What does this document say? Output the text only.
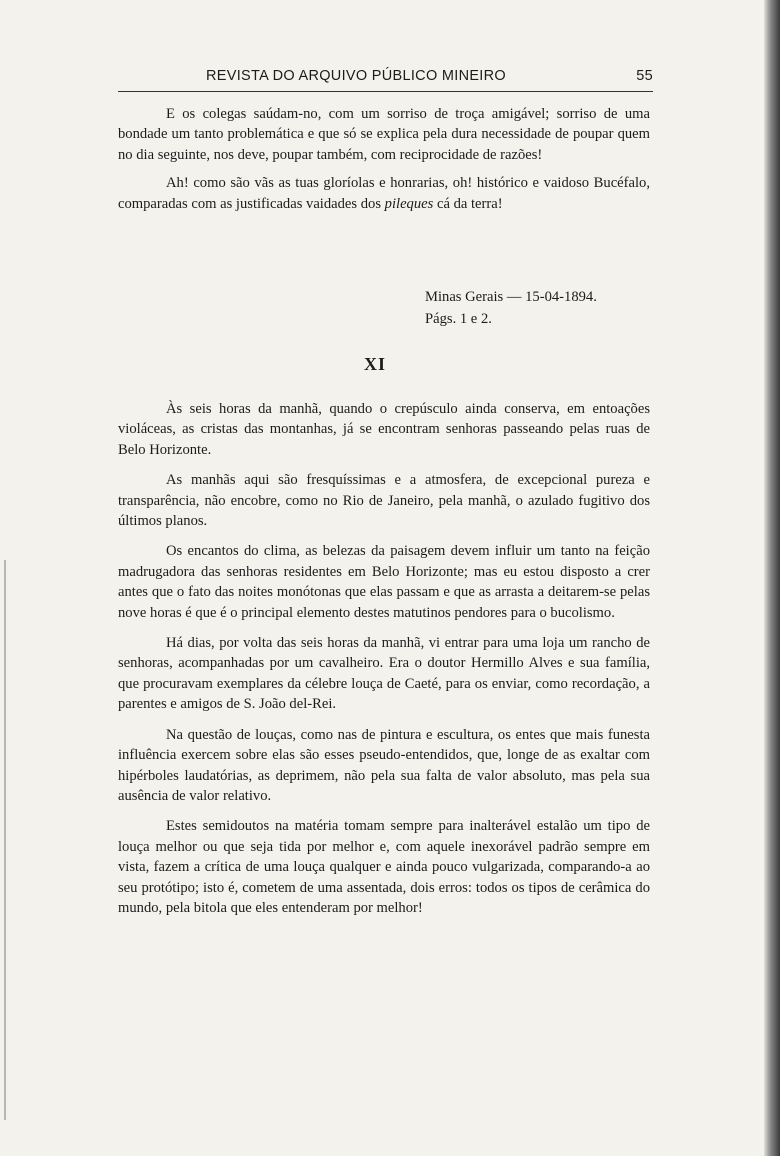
REVISTA DO ARQUIVO PÚBLICO MINEIRO	55

E os colegas saúdam-no, com um sorriso de troça amigável; sorriso de uma bondade um tanto problemática e que só se explica pela dura necessidade de poupar quem no dia seguinte, nos deve, poupar também, com reciprocidade de razões!

Ah! como são vãs as tuas gloríolas e honrarias, oh! histórico e vaidoso Bucéfalo, comparadas com as justificadas vaidades dos pileques cá da terra!

Minas Gerais — 15-04-1894.
Págs. 1 e 2.
XI

Às seis horas da manhã, quando o crepúsculo ainda conserva, em entoações violáceas, as cristas das montanhas, já se encontram senhoras passeando pelas ruas de Belo Horizonte.

As manhãs aqui são fresquíssimas e a atmosfera, de excepcional pureza e transparência, não encobre, como no Rio de Janeiro, pela manhã, o azulado fugitivo dos últimos planos.

Os encantos do clima, as belezas da paisagem devem influir um tanto na feição madrugadora das senhoras residentes em Belo Horizonte; mas eu estou disposto a crer antes que o fato das noites monótonas que elas passam e que as arrasta a deitarem-se pelas nove horas é que é o principal elemento destes matutinos pendores para o bucolismo.

Há dias, por volta das seis horas da manhã, vi entrar para uma loja um rancho de senhoras, acompanhadas por um cavalheiro. Era o doutor Hermillo Alves e sua família, que procuravam exemplares da célebre louça de Caeté, para os enviar, como recordação, a parentes e amigos de S. João del-Rei.

Na questão de louças, como nas de pintura e escultura, os entes que mais funesta influência exercem sobre elas são esses pseudo-entendidos, que, longe de as exaltar com hipérboles laudatórias, as deprimem, não pela sua falta de valor absoluto, mas pela sua ausência de valor relativo.

Estes semidoutos na matéria tomam sempre para inalterável estalão um tipo de louça melhor ou que seja tida por melhor e, com aquele inexorável padrão sempre em vista, fazem a crítica de uma louça qualquer e ainda pouco vulgarizada, comparando-a ao seu protótipo; isto é, cometem de uma assentada, dois erros: todos os tipos de cerâmica do mundo, pela bitola que eles entenderam por melhor!
